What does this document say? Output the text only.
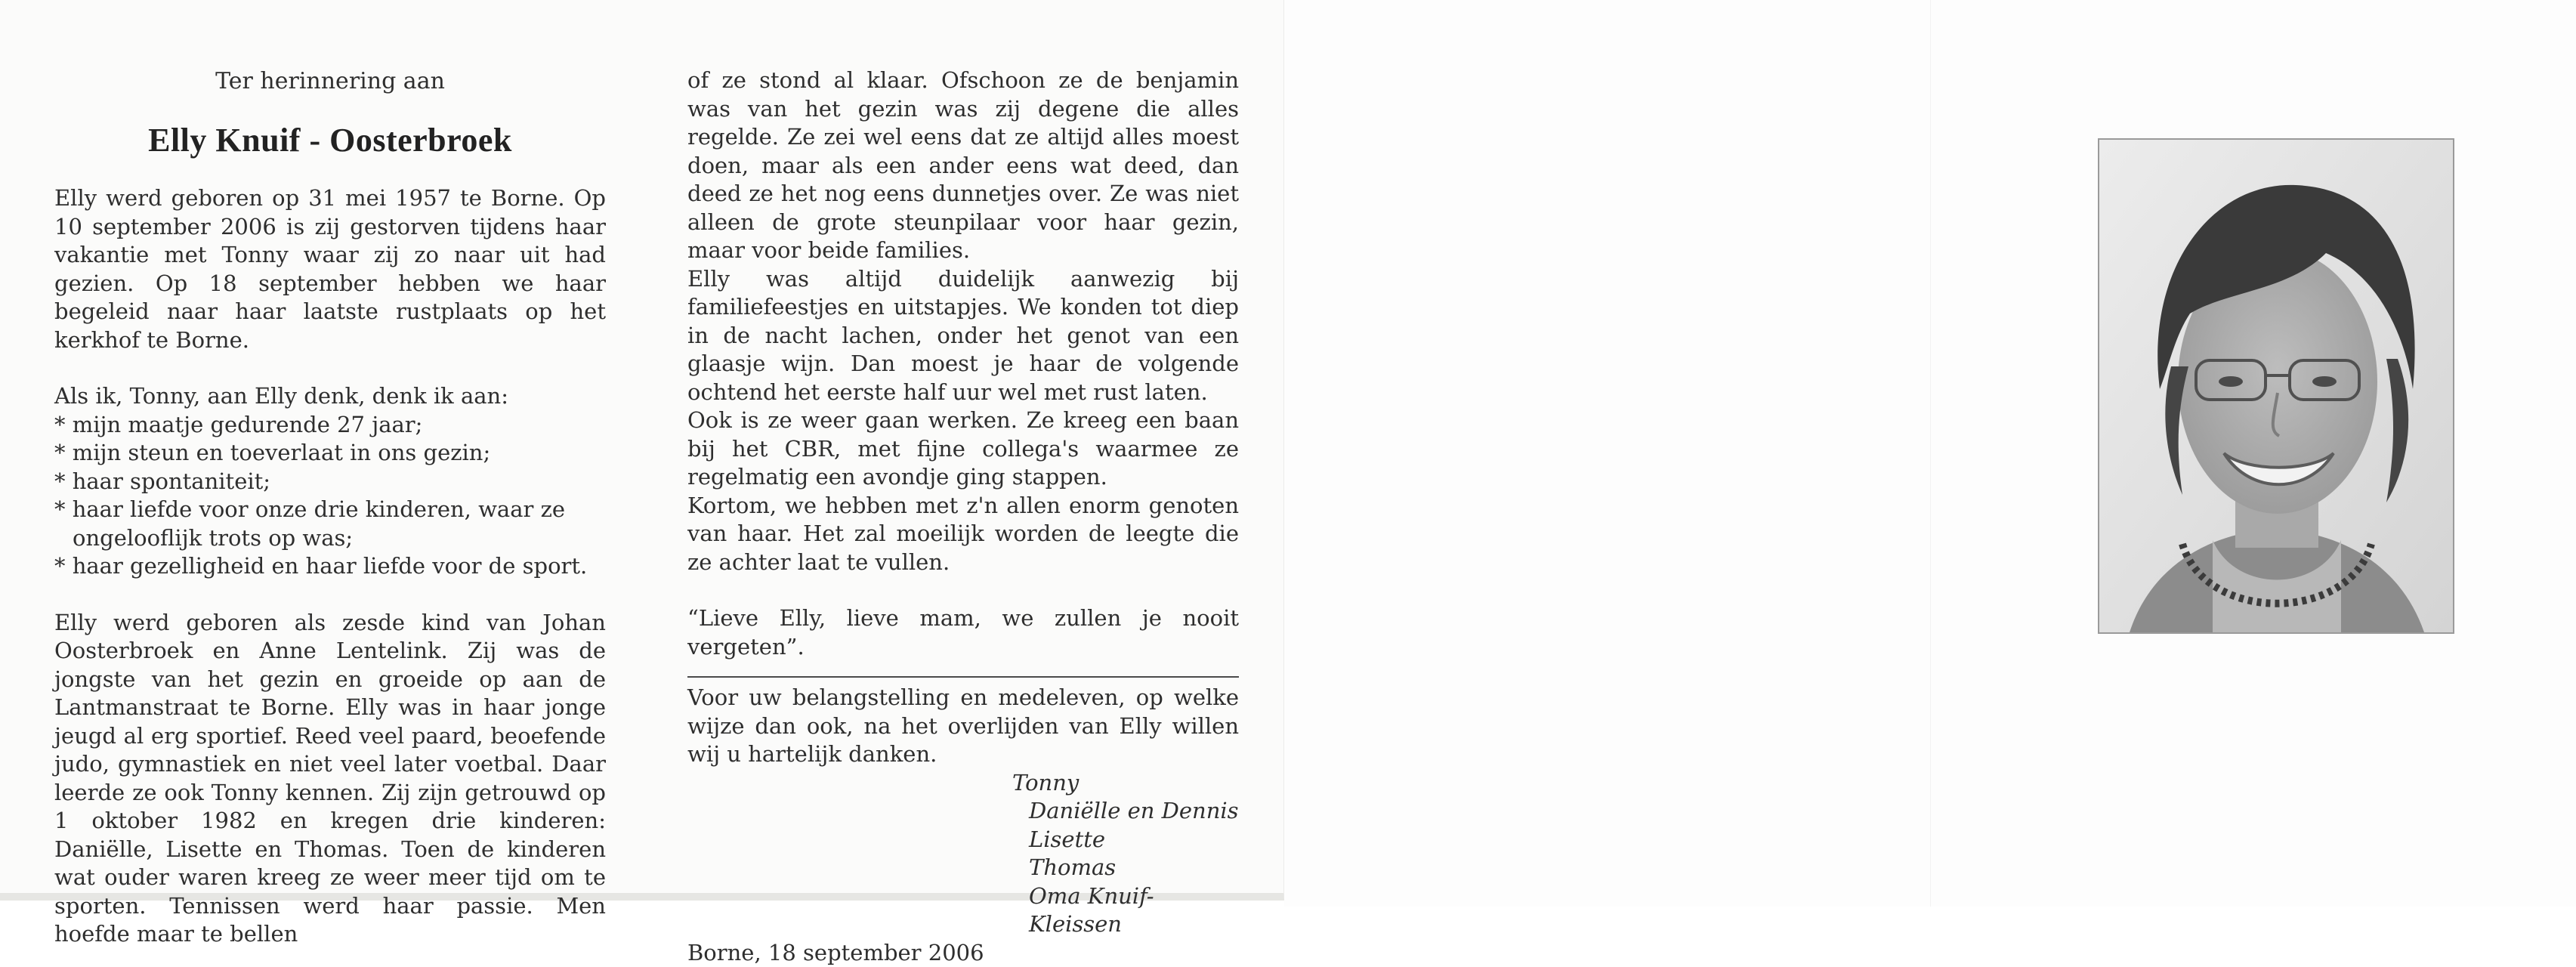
Ter herinnering aan
Elly Knuif - Oosterbroek

Elly werd geboren op 31 mei 1957 te Borne. Op 10 september 2006 is zij gestorven tijdens haar vakantie met Tonny waar zij zo naar uit had gezien. Op 18 september hebben we haar begeleid naar haar laatste rustplaats op het kerkhof te Borne.

Als ik, Tonny, aan Elly denk, denk ik aan:

* mijn maatje gedurende 27 jaar;
* mijn steun en toeverlaat in ons gezin;
* haar spontaniteit;
* haar liefde voor onze drie kinderen, waar ze ongelooflijk trots op was;
* haar gezelligheid en haar liefde voor de sport.

Elly werd geboren als zesde kind van Johan Oosterbroek en Anne Lentelink. Zij was de jongste van het gezin en groeide op aan de Lantmanstraat te Borne. Elly was in haar jonge jeugd al erg sportief. Reed veel paard, beoefende judo, gymnastiek en niet veel later voetbal. Daar leerde ze ook Tonny kennen. Zij zijn getrouwd op 1 oktober 1982 en kregen drie kinderen: Daniëlle, Lisette en Thomas. Toen de kinderen wat ouder waren kreeg ze weer meer tijd om te sporten. Tennissen werd haar passie. Men hoefde maar te bellen

of ze stond al klaar. Ofschoon ze de benjamin was van het gezin was zij degene die alles regelde. Ze zei wel eens dat ze altijd alles moest doen, maar als een ander eens wat deed, dan deed ze het nog eens dunnetjes over. Ze was niet alleen de grote steunpilaar voor haar gezin, maar voor beide families.

Elly was altijd duidelijk aanwezig bij familiefeestjes en uitstapjes. We konden tot diep in de nacht lachen, onder het genot van een glaasje wijn. Dan moest je haar de volgende ochtend het eerste half uur wel met rust laten.

Ook is ze weer gaan werken. Ze kreeg een baan bij het CBR, met fijne collega's waarmee ze regelmatig een avondje ging stappen.

Kortom, we hebben met z'n allen enorm genoten van haar. Het zal moeilijk worden de leegte die ze achter laat te vullen.

“Lieve Elly, lieve mam, we zullen je nooit vergeten”.

Voor uw belangstelling en medeleven, op welke wijze dan ook, na het overlijden van Elly willen wij u hartelijk danken.

Tonny
Daniëlle en Dennis
Lisette
Thomas
Oma Knuif-Kleissen

Borne, 18 september 2006
